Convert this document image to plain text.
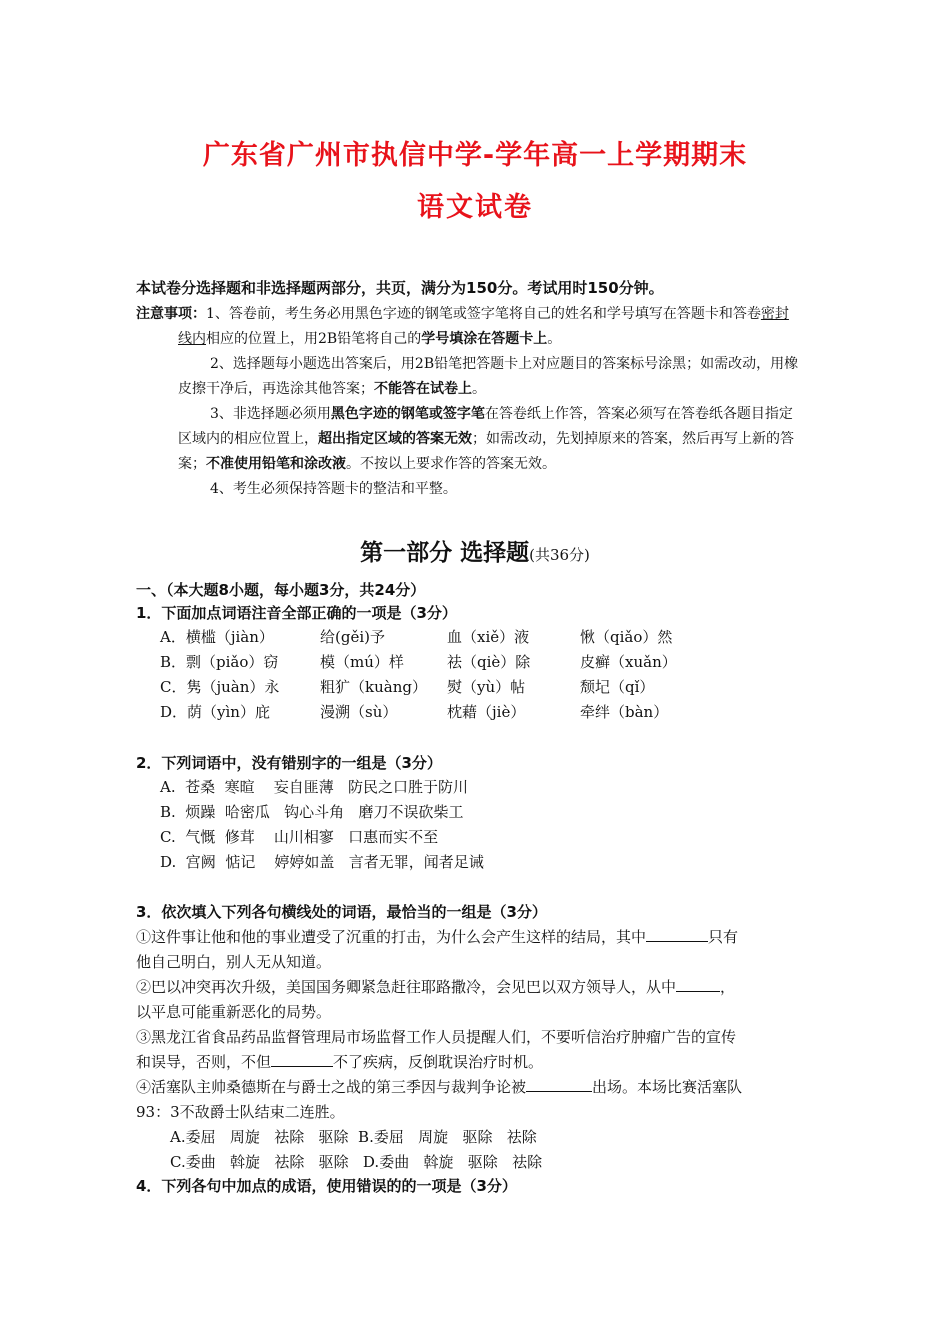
广东省广州市执信中学-学年高一上学期期末
语文试卷
本试卷分选择题和非选择题两部分，共页，满分为150分。考试用时150分钟。
注意事项：1、答卷前，考生务必用黑色字迹的钢笔或签字笔将自己的姓名和学号填写在答题卡和答卷密封
线内相应的位置上，用2B铅笔将自己的学号填涂在答题卡上。
2、选择题每小题选出答案后，用2B铅笔把答题卡上对应题目的答案标号涂黑；如需改动，用橡
皮擦干净后，再选涂其他答案；不能答在试卷上。
3、非选择题必须用黑色字迹的钢笔或签字笔在答卷纸上作答，答案必须写在答卷纸各题目指定
区域内的相应位置上，超出指定区域的答案无效；如需改动，先划掉原来的答案，然后再写上新的答
案；不准使用铅笔和涂改液。不按以上要求作答的答案无效。
4、考生必须保持答题卡的整洁和平整。
第一部分 选择题(共36分)
一、（本大题8小题，每小题3分，共24分）
1．下面加点词语注音全部正确的一项是（3分）
A．横槛（jiàn）	给(gěi)予	血（xiě）液	愀（qiǎo）然
B．剽（piǎo）窃	模（mú）样	祛（qiè）除	皮癣（xuǎn）
C．隽（juàn）永	粗犷（kuàng） 熨（yù）帖	颓圮（qǐ）
D．荫（yìn）庇	漫溯（sù）	枕藉（jiè）	牵绊（bàn）
2．下列词语中，没有错别字的一组是（3分）
A.  苍桑  寒暄    妄自匪薄   防民之口胜于防川
B.  烦躁  哈密瓜   钩心斗角   磨刀不误砍柴工
C.  气慨  修茸    山川相寥   口惠而实不至
D.  宫阙  惦记    婷婷如盖   言者无罪，闻者足诫
3．依次填入下列各句横线处的词语，最恰当的一组是（3分）
①这件事让他和他的事业遭受了沉重的打击，为什么会产生这样的结局，其中	只有
他自己明白，别人无从知道。
②巴以冲突再次升级，美国国务卿紧急赶往耶路撒冷，会见巴以双方领导人，从中	，
以平息可能重新恶化的局势。
③黑龙江省食品药品监督管理局市场监督工作人员提醒人们，不要听信治疗肿瘤广告的宣传
和误导，否则，不但	不了疾病，反倒耽误治疗时机。
④活塞队主帅桑德斯在与爵士之战的第三季因与裁判争论被	出场。本场比赛活塞队
93：3不敌爵士队结束二连胜。
A.委屈   周旋   祛除   驱除  B.委屈   周旋   驱除   祛除
C.委曲   斡旋   祛除   驱除   D.委曲   斡旋   驱除   祛除
4．下列各句中加点的成语，使用错误的的一项是（3分）
